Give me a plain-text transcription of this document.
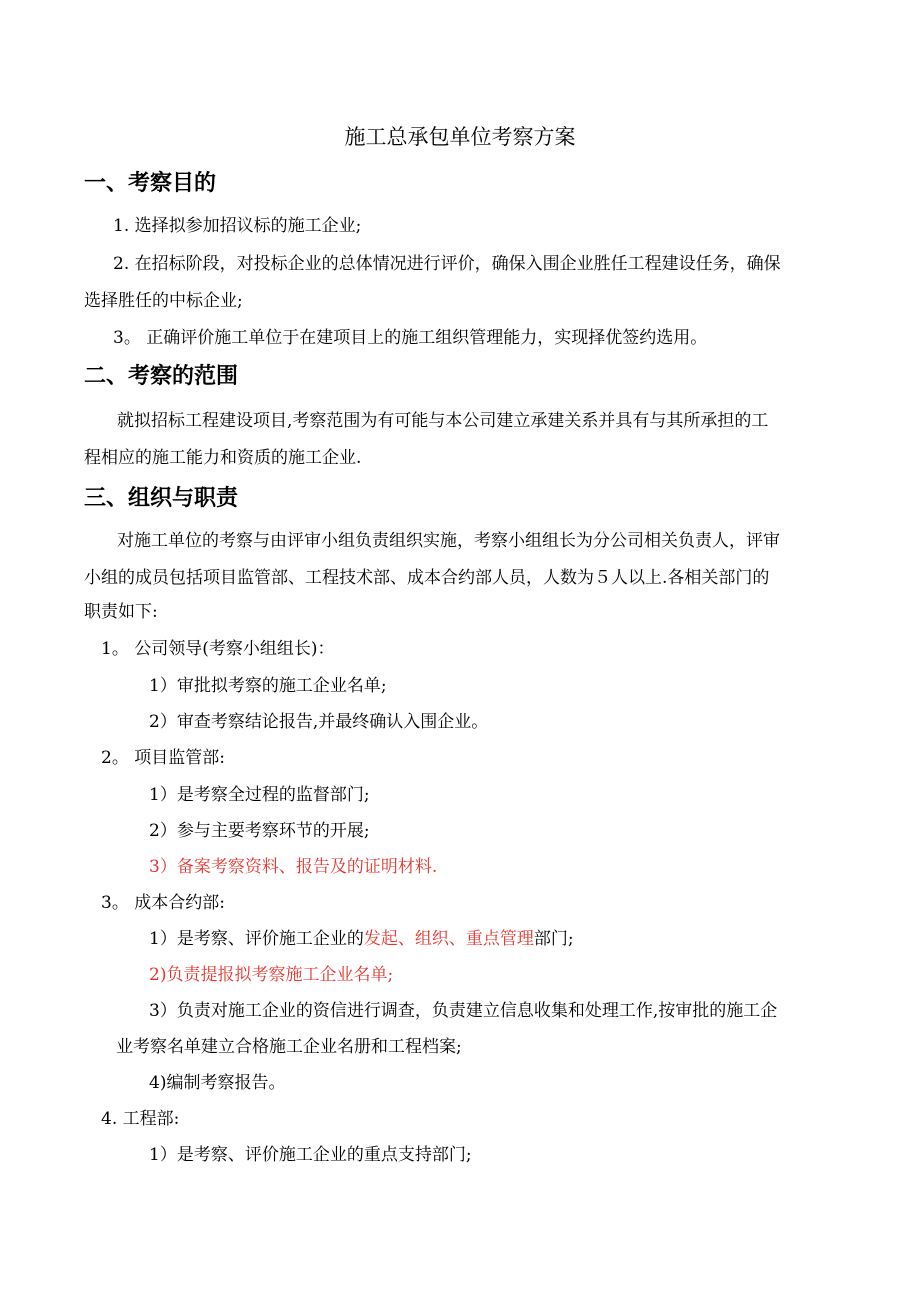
施工总承包单位考察方案
一、考察目的
1. 选择拟参加招议标的施工企业;
2. 在招标阶段，对投标企业的总体情况进行评价，确保入围企业胜任工程建设任务，确保
选择胜任的中标企业;
3。 正确评价施工单位于在建项目上的施工组织管理能力，实现择优签约选用。
二、考察的范围
就拟招标工程建设项目,考察范围为有可能与本公司建立承建关系并具有与其所承担的工
程相应的施工能力和资质的施工企业.
三、组织与职责
对施工单位的考察与由评审小组负责组织实施，考察小组组长为分公司相关负责人，评审
小组的成员包括项目监管部、工程技术部、成本合约部人员，人数为５人以上.各相关部门的
职责如下:
1。 公司领导(考察小组组长)：
1）审批拟考察的施工企业名单;
2）审查考察结论报告,并最终确认入围企业。
2。 项目监管部:
1）是考察全过程的监督部门;
2）参与主要考察环节的开展;
3）备案考察资料、报告及的证明材料.
3。 成本合约部:
1）是考察、评价施工企业的发起、组织、重点管理部门;
2)负责提报拟考察施工企业名单;
3）负责对施工企业的资信进行调查，负责建立信息收集和处理工作,按审批的施工企
业考察名单建立合格施工企业名册和工程档案;
4)编制考察报告。
4. 工程部:
1）是考察、评价施工企业的重点支持部门;
